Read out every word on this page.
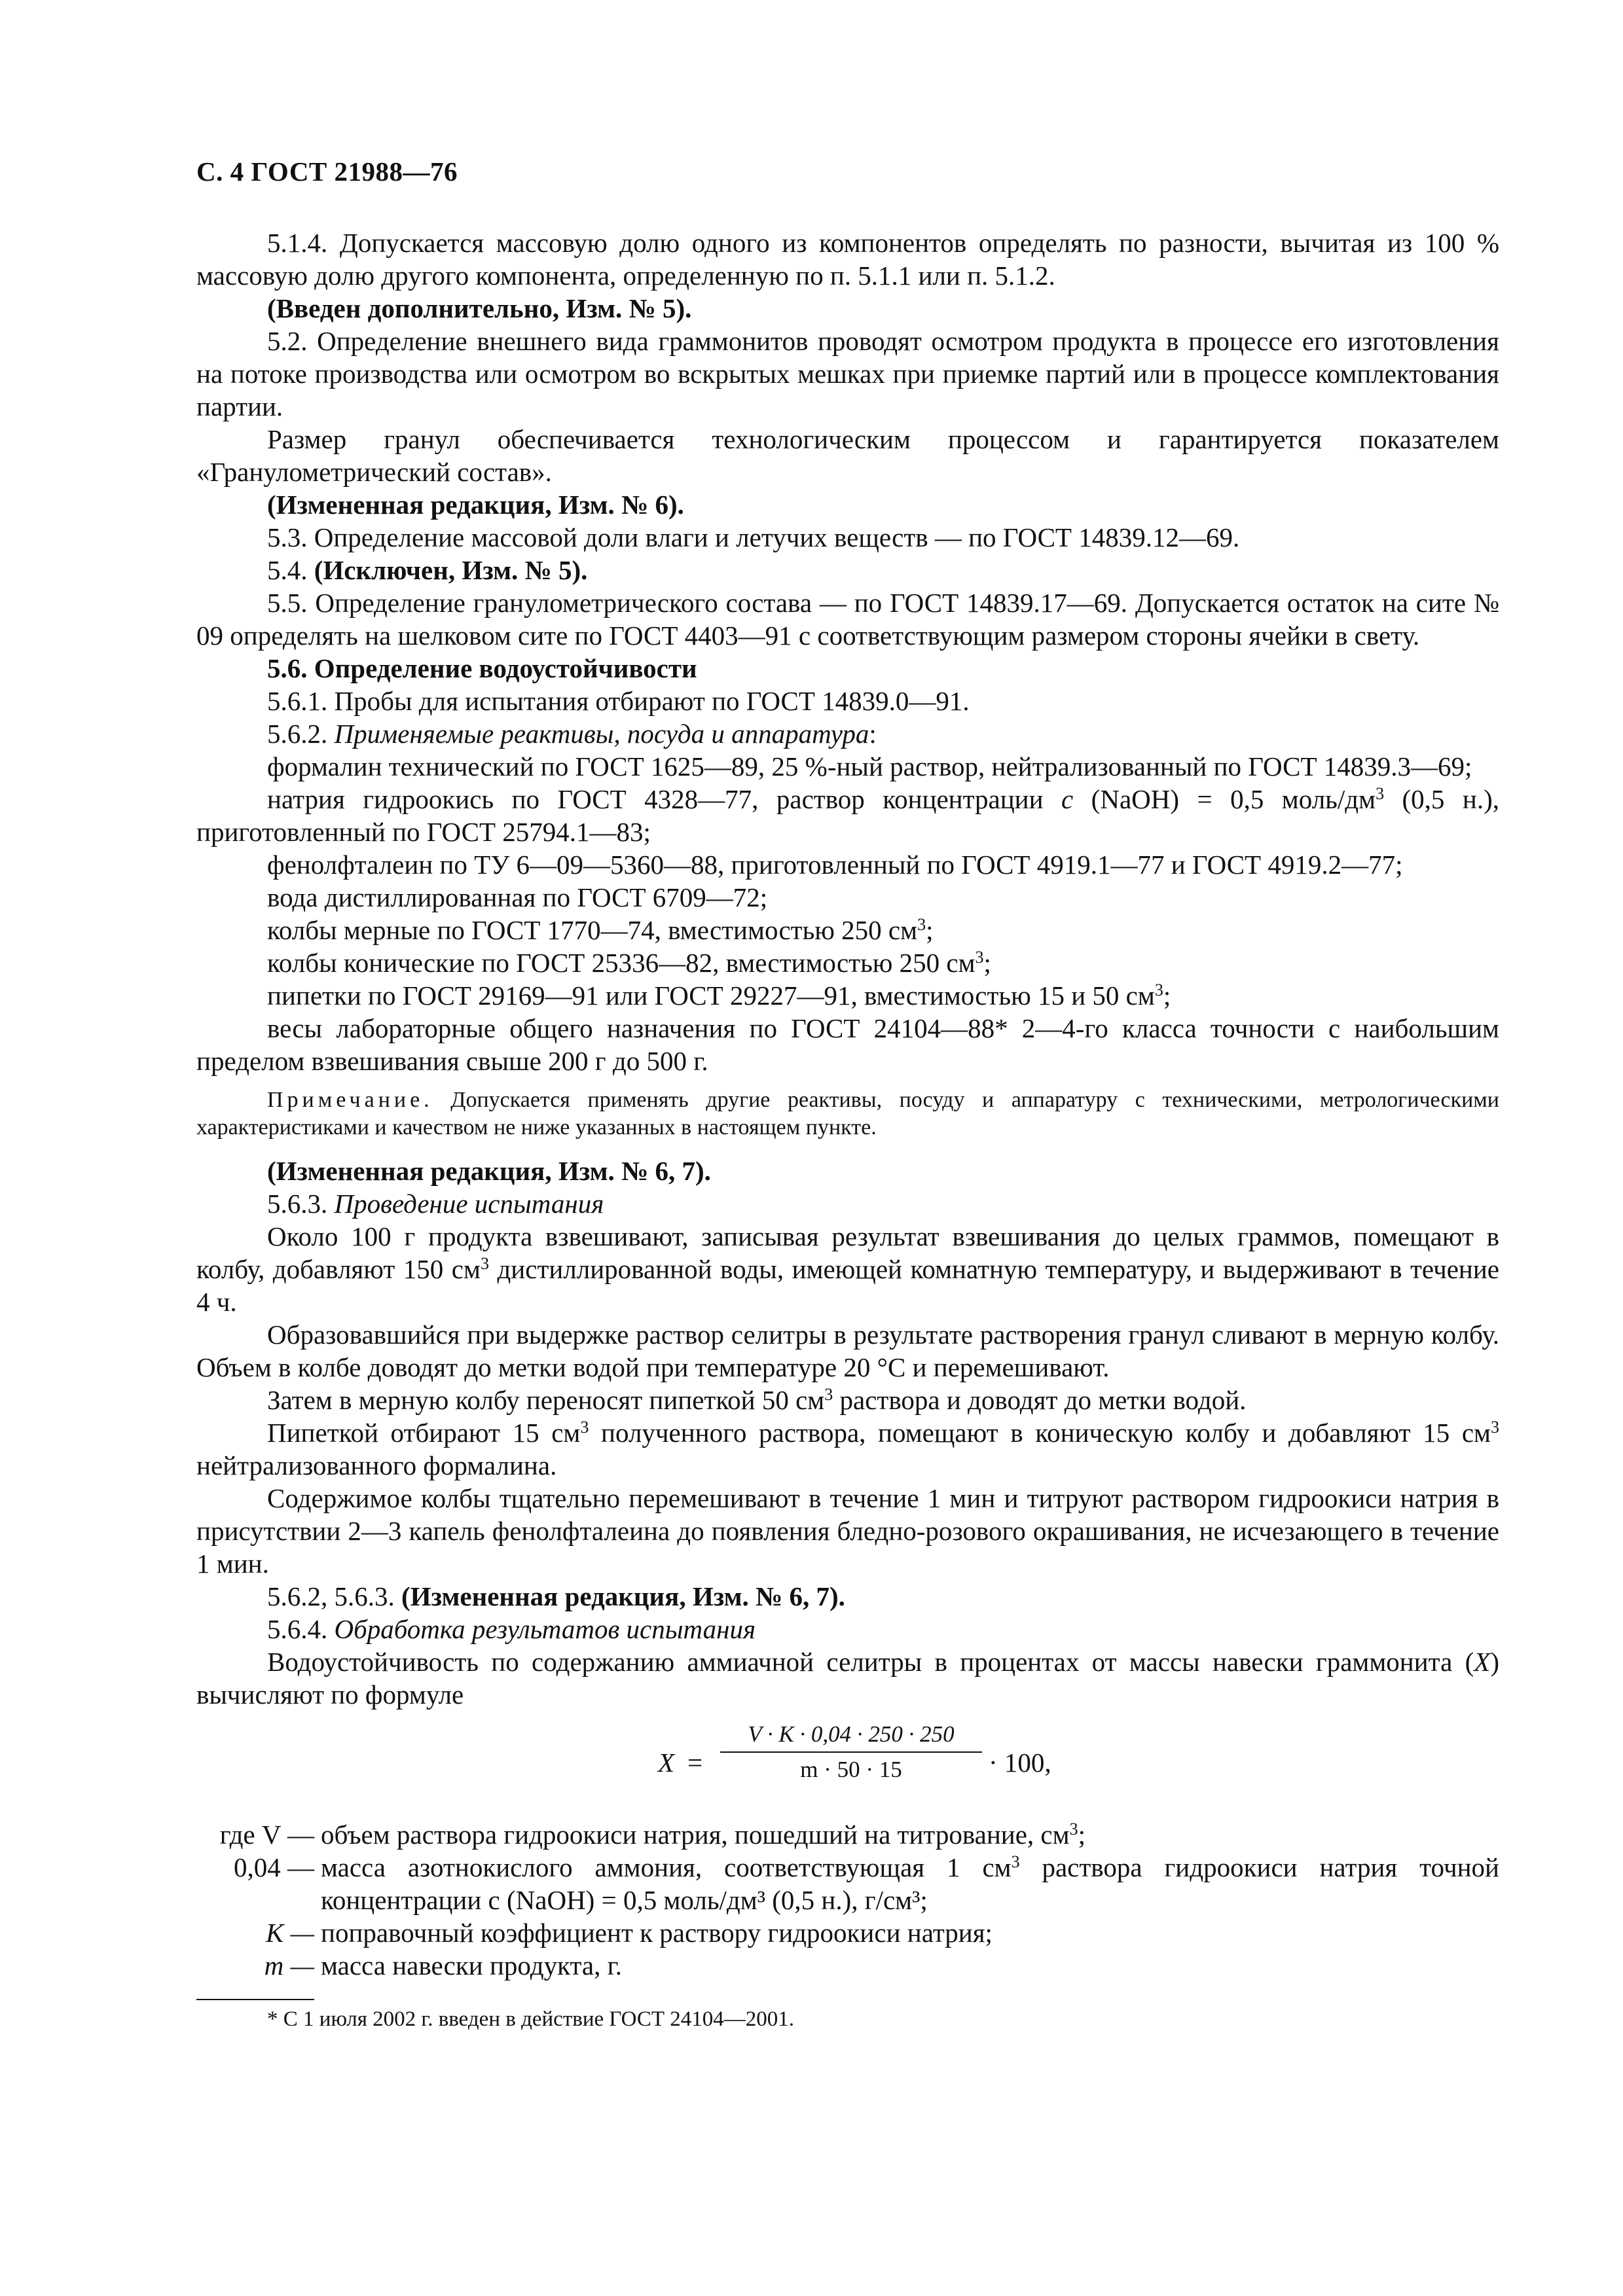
С. 4 ГОСТ 21988—76

5.1.4. Допускается массовую долю одного из компонентов определять по разности, вычитая из 100 % массовую долю другого компонента, определенную по п. 5.1.1 или п. 5.1.2.

(Введен дополнительно, Изм. № 5).

5.2. Определение внешнего вида граммонитов проводят осмотром продукта в процессе его изготовления на потоке производства или осмотром во вскрытых мешках при приемке партий или в процессе комплектования партии.

Размер гранул обеспечивается технологическим процессом и гарантируется показателем «Гранулометрический состав».

(Измененная редакция, Изм. № 6).

5.3. Определение массовой доли влаги и летучих веществ — по ГОСТ 14839.12—69.

5.4. (Исключен, Изм. № 5).

5.5. Определение гранулометрического состава — по ГОСТ 14839.17—69. Допускается остаток на сите № 09 определять на шелковом сите по ГОСТ 4403—91 с соответствующим размером стороны ячейки в свету.

5.6. Определение водоустойчивости

5.6.1. Пробы для испытания отбирают по ГОСТ 14839.0—91.

5.6.2. Применяемые реактивы, посуда и аппаратура:

формалин технический по ГОСТ 1625—89, 25 %-ный раствор, нейтрализованный по ГОСТ 14839.3—69;

натрия гидроокись по ГОСТ 4328—77, раствор концентрации с (NaOH) = 0,5 моль/$дм^3$ (0,5 н.), приготовленный по ГОСТ 25794.1—83;

фенолфталеин по ТУ 6—09—5360—88, приготовленный по ГОСТ 4919.1—77 и ГОСТ 4919.2—77;

вода дистиллированная по ГОСТ 6709—72;

колбы мерные по ГОСТ 1770—74, вместимостью 250 $см^3$;

колбы конические по ГОСТ 25336—82, вместимостью 250 $см^3$;

пипетки по ГОСТ 29169—91 или ГОСТ 29227—91, вместимостью 15 и 50 $см^3$;

весы лабораторные общего назначения по ГОСТ 24104—88* 2—4-го класса точности с наибольшим пределом взвешивания свыше 200 г до 500 г.

Примечание. Допускается применять другие реактивы, посуду и аппаратуру с техническими, метрологическими характеристиками и качеством не ниже указанных в настоящем пункте.

(Измененная редакция, Изм. № 6, 7).

5.6.3. Проведение испытания

Около 100 г продукта взвешивают, записывая результат взвешивания до целых граммов, помещают в колбу, добавляют 150 $см^3$ дистиллированной воды, имеющей комнатную температуру, и выдерживают в течение 4 ч.

Образовавшийся при выдержке раствор селитры в результате растворения гранул сливают в мерную колбу. Объем в колбе доводят до метки водой при температуре 20 °С и перемешивают.

Затем в мерную колбу переносят пипеткой 50 $см^3$ раствора и доводят до метки водой.

Пипеткой отбирают 15 $см^3$ полученного раствора, помещают в коническую колбу и добавляют 15 $см^3$ нейтрализованного формалина.

Содержимое колбы тщательно перемешивают в течение 1 мин и титруют раствором гидроокиси натрия в присутствии 2—3 капель фенолфталеина до появления бледно-розового окрашивания, не исчезающего в течение 1 мин.

5.6.2, 5.6.3. (Измененная редакция, Изм. № 6, 7).

5.6.4. Обработка результатов испытания

Водоустойчивость по содержанию аммиачной селитры в процентах от массы навески граммонита (X) вычисляют по формуле

X =
V · K · 0,04 · 250 · 250
m · 50 · 15	· 100,
где V — объем раствора гидроокиси натрия, пошедший на титрование, $см^3$;
0,04 — масса азотнокислого аммония, соответствующая 1 $см^3$ раствора гидроокиси натрия точной концентрации с (NaOH) = 0,5 моль/дм³ (0,5 н.), г/см³;
K — поправочный коэффициент к раствору гидроокиси натрия;
m — масса навески продукта, г.
* С 1 июля 2002 г. введен в действие ГОСТ 24104—2001.
